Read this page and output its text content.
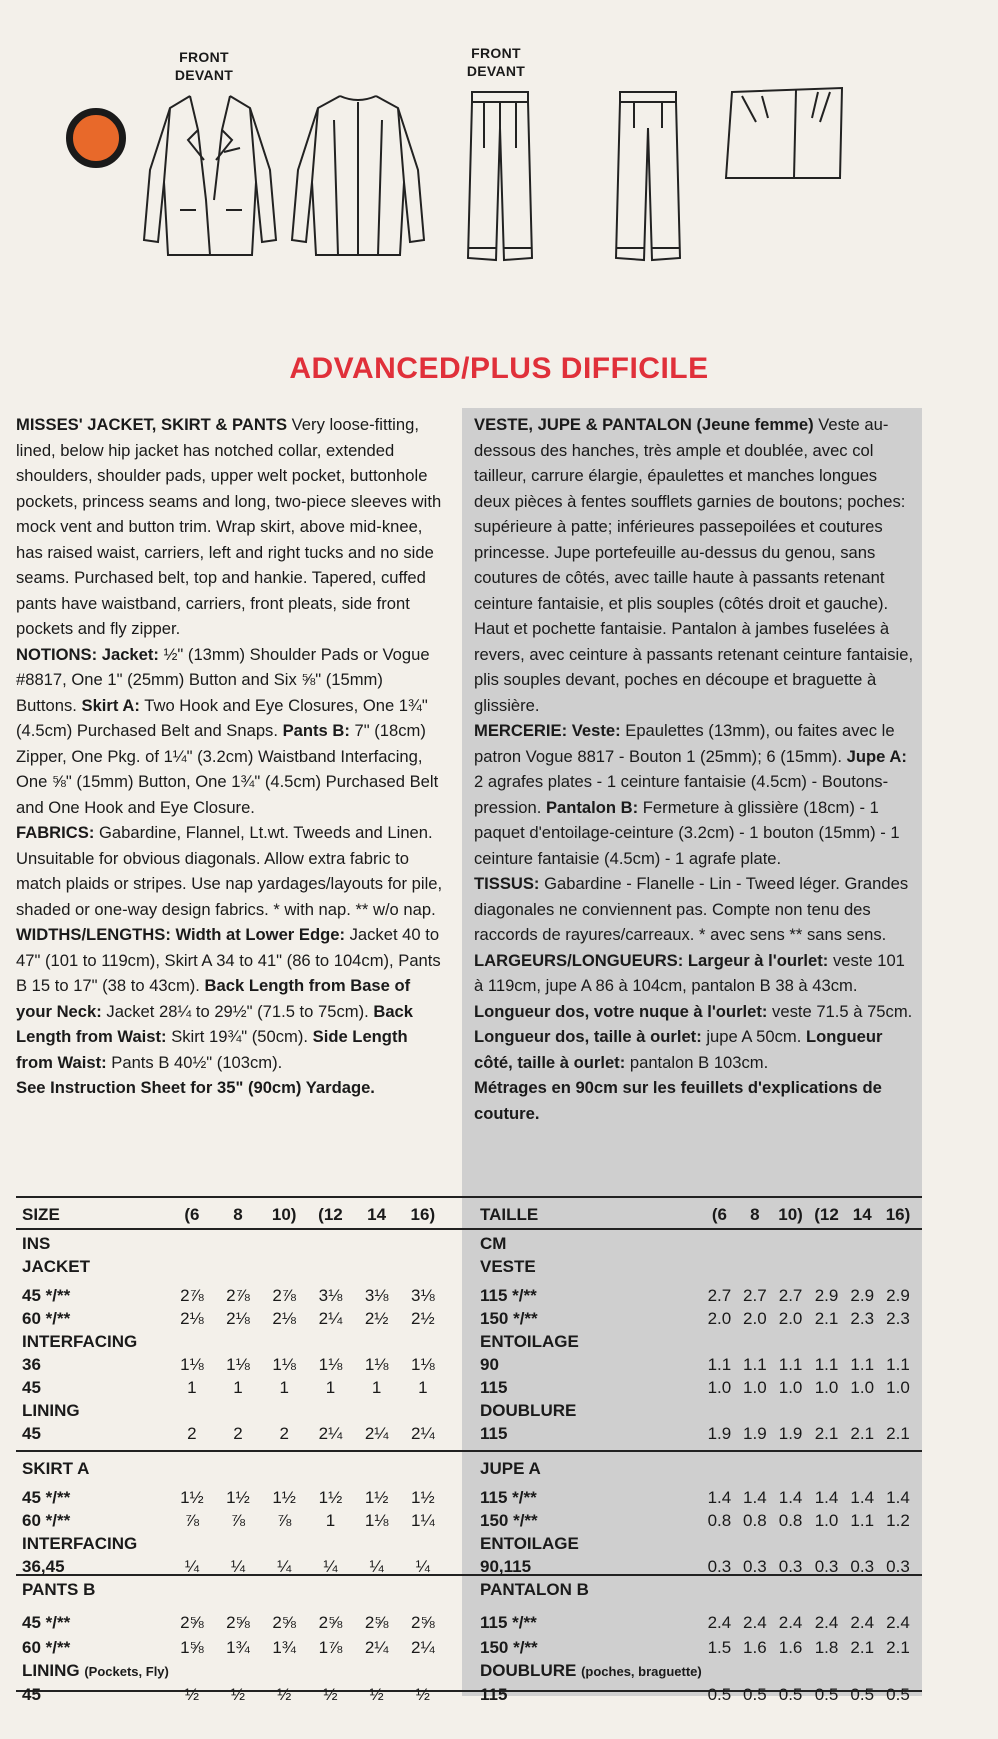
FRONT
DEVANT
FRONT
DEVANT
ADVANCED/PLUS DIFFICILE

MISSES' JACKET, SKIRT & PANTS Very loose-fitting, lined, below hip jacket has notched collar, extended shoulders, shoulder pads, upper welt pocket, buttonhole pockets, princess seams and long, two-piece sleeves with mock vent and button trim. Wrap skirt, above mid-knee, has raised waist, carriers, left and right tucks and no side seams. Purchased belt, top and hankie. Tapered, cuffed pants have waistband, carriers, front pleats, side front pockets and fly zipper.

NOTIONS: Jacket: ½" (13mm) Shoulder Pads or Vogue #8817, One 1" (25mm) Button and Six ⅝" (15mm) Buttons. Skirt A: Two Hook and Eye Closures, One 1¾" (4.5cm) Purchased Belt and Snaps. Pants B: 7" (18cm) Zipper, One Pkg. of 1¼" (3.2cm) Waistband Interfacing, One ⅝" (15mm) Button, One 1¾" (4.5cm) Purchased Belt and One Hook and Eye Closure.

FABRICS: Gabardine, Flannel, Lt.wt. Tweeds and Linen. Unsuitable for obvious diagonals. Allow extra fabric to match plaids or stripes. Use nap yardages/layouts for pile, shaded or one-way design fabrics. * with nap. ** w/o nap.

WIDTHS/LENGTHS: Width at Lower Edge: Jacket 40 to 47" (101 to 119cm), Skirt A 34 to 41" (86 to 104cm), Pants B 15 to 17" (38 to 43cm). Back Length from Base of your Neck: Jacket 28¼ to 29½" (71.5 to 75cm). Back Length from Waist: Skirt 19¾" (50cm). Side Length from Waist: Pants B 40½" (103cm).

See Instruction Sheet for 35" (90cm) Yardage.

VESTE, JUPE & PANTALON (Jeune femme) Veste au-dessous des hanches, très ample et doublée, avec col tailleur, carrure élargie, épaulettes et manches longues deux pièces à fentes soufflets garnies de boutons; poches: supérieure à patte; inférieures passepoilées et coutures princesse. Jupe portefeuille au-dessus du genou, sans coutures de côtés, avec taille haute à passants retenant ceinture fantaisie, et plis souples (côtés droit et gauche). Haut et pochette fantaisie. Pantalon à jambes fuselées à revers, avec ceinture à passants retenant ceinture fantaisie, plis souples devant, poches en découpe et braguette à glissière.

MERCERIE: Veste: Epaulettes (13mm), ou faites avec le patron Vogue 8817 - Bouton 1 (25mm); 6 (15mm). Jupe A: 2 agrafes plates - 1 ceinture fantaisie (4.5cm) - Boutons-pression. Pantalon B: Fermeture à glissière (18cm) - 1 paquet d'entoilage-ceinture (3.2cm) - 1 bouton (15mm) - 1 ceinture fantaisie (4.5cm) - 1 agrafe plate.

TISSUS: Gabardine - Flanelle - Lin - Tweed léger. Grandes diagonales ne conviennent pas. Compte non tenu des raccords de rayures/carreaux. * avec sens ** sans sens.

LARGEURS/LONGUEURS: Largeur à l'ourlet: veste 101 à 119cm, jupe A 86 à 104cm, pantalon B 38 à 43cm. Longueur dos, votre nuque à l'ourlet: veste 71.5 à 75cm. Longueur dos, taille à ourlet: jupe A 50cm. Longueur côté, taille à ourlet: pantalon B 103cm.

Métrages en 90cm sur les feuillets d'explications de couture.

SIZE	(6	8	10)	(12	14	16)
INS						
JACKET						
45 */**	2⅞	2⅞	2⅞	3⅛	3⅛	3⅛
60 */**	2⅛	2⅛	2⅛	2¼	2½	2½
INTERFACING						
36	1⅛	1⅛	1⅛	1⅛	1⅛	1⅛
45	1	1	1	1	1	1
LINING						
45	2	2	2	2¼	2¼	2¼
SKIRT A						
45 */**	1½	1½	1½	1½	1½	1½
60 */**	⅞	⅞	⅞	1	1⅛	1¼
INTERFACING						
36,45	¼	¼	¼	¼	¼	¼
PANTS B						
45 */**	2⅝	2⅝	2⅝	2⅝	2⅝	2⅝
60 */**	1⅝	1¾	1¾	1⅞	2¼	2¼
LINING (Pockets, Fly)						
45	½	½	½	½	½	½
TAILLE	(6	8	10)	(12	14	16)
CM						
VESTE						
115 */**	2.7	2.7	2.7	2.9	2.9	2.9
150 */**	2.0	2.0	2.0	2.1	2.3	2.3
ENTOILAGE						
90	1.1	1.1	1.1	1.1	1.1	1.1
115	1.0	1.0	1.0	1.0	1.0	1.0
DOUBLURE						
115	1.9	1.9	1.9	2.1	2.1	2.1
JUPE A						
115 */**	1.4	1.4	1.4	1.4	1.4	1.4
150 */**	0.8	0.8	0.8	1.0	1.1	1.2
ENTOILAGE						
90,115	0.3	0.3	0.3	0.3	0.3	0.3
PANTALON B						
115 */**	2.4	2.4	2.4	2.4	2.4	2.4
150 */**	1.5	1.6	1.6	1.8	2.1	2.1
DOUBLURE (poches, braguette)						
115	0.5	0.5	0.5	0.5	0.5	0.5
